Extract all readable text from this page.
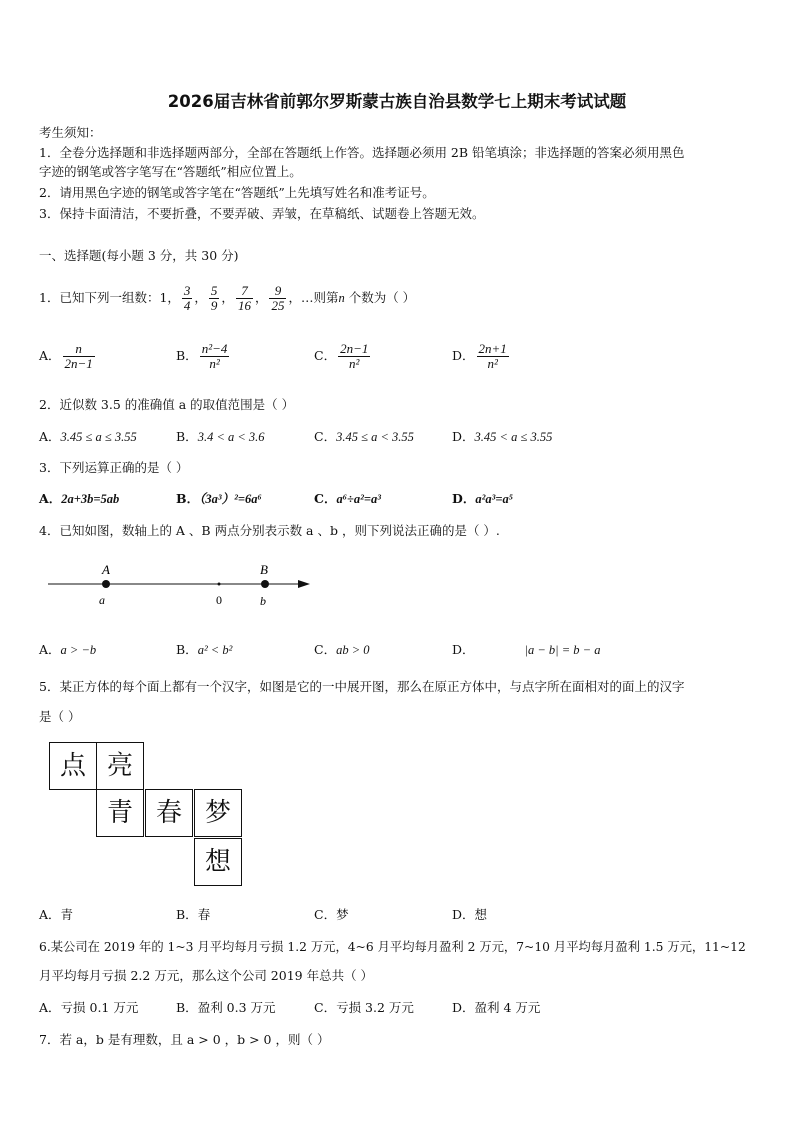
2026届吉林省前郭尔罗斯蒙古族自治县数学七上期末考试试题
考生须知：
1．全卷分选择题和非选择题两部分，全部在答题纸上作答。选择题必须用 2B 铅笔填涂；非选择题的答案必须用黑色
字迹的钢笔或答字笔写在“答题纸”相应位置上。
2．请用黑色字迹的钢笔或答字笔在“答题纸”上先填写姓名和准考证号。
3．保持卡面清洁，不要折叠，不要弄破、弄皱，在草稿纸、试题卷上答题无效。
一、选择题(每小题 3 分，共 30 分)
1．已知下列一组数：1， $\frac{3}{4}$ ， $\frac{5}{9}$ ， $\frac{7}{16}$ ， $\frac{9}{25}$ ，…则第n 个数为（ ）
A． $\frac{n}{2n-1}$	B． $\frac{\text{n²−4}}{\text{n²}}$	C． $\frac{2n-1}{\text{n²}}$	D． $\frac{2n+1}{\text{n²}}$
2．近似数 3.5 的准确值 a 的取值范围是（ ）
A．3.45 ≤ a ≤ 3.55	B．3.4 < a < 3.6	C．3.45 ≤ a < 3.55	D．3.45 < a ≤ 3.55
3．下列运算正确的是（ ）
A．2a+3b=5ab	B．（3a³）²=6a⁶	C．a⁶÷a²=a³	D．a²a³=a⁵
4．已知如图，数轴上的 A 、B 两点分别表示数 a 、b ，则下列说法正确的是（ ）.
A
a	0
B
b
A．a > −b	B．a² < b²	C．ab > 0	D．	|a − b| = b − a
5．某正方体的每个面上都有一个汉字，如图是它的一中展开图，那么在原正方体中，与点字所在面相对的面上的汉字
是（ ）
点 亮
青 春 梦
想
A．青	B．春	C．梦	D．想
6.某公司在 2019 年的 1~3 月平均每月亏损 1.2 万元，4~6 月平均每月盈利 2 万元，7~10 月平均每月盈利 1.5 万元，11~12
月平均每月亏损 2.2 万元，那么这个公司 2019 年总共（ ）
A．亏损 0.1 万元	B．盈利 0.3 万元	C．亏损 3.2 万元	D．盈利 4 万元
7．若 a，b 是有理数，且 a > 0 ，b > 0 ，则（ ）
